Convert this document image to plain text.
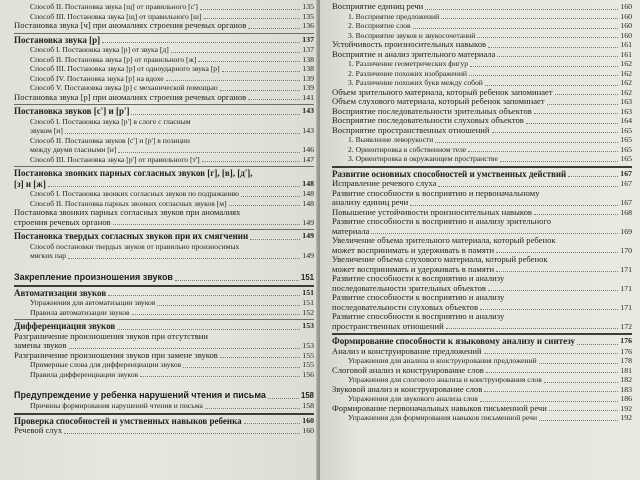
Способ II. Постановка звука [щ] от правильного [с']	135
Способ III. Постановка звука [щ] от правильного [ш]	135
Постановка звука [ч] при аномалиях строения речевых органов	136
Постановка звука [р]	137
Способ I. Постановка звука [р] от звука [д]	137
Способ II. Постановка звука [р] от правильного [ж]	138
Способ III. Постановка звука [р] от одноударного звука [р]	138
Способ IV. Постановка звука [р] на вдохе	139
Способ V. Постановка звука [р] с механической помощью	139
Постановка звука [р] при аномалиях строения речевых органов	141
Постановка звуков [с'] и [р']	143
Способ I. Постановка звука [р'] в слоге с гласным
звуком [и]	143
Способ II. Постановка звуков [с'] и [р'] в позиции
между двумя гласными [и]	146
Способ III. Постановка звука [р'] от правильного [т']	147
Постановка звонких парных согласных звуков [г], [в], [д'],
[з] и [ж]	148
Способ I. Постановка звонких согласных звуков по подражанию	148
Способ II. Постановка парных звонких согласных звуков [м]	148
Постановка звонких парных согласных звуков при аномалиях
строения речевых органов	149
Постановка твердых согласных звуков при их смягчении	149
Способ постановки твердых звуков от правильно произносимых
мягких пар	149
Закрепление произношения звуков	151
Автоматизация звуков	151
Упражнения для автоматизации звуков	151
Правила автоматизации звуков	152
Дифференциация звуков	153
Разграничение произношения звуков при отсутствии
замены звуков	153
Разграничение произношения звуков при замене звуков	155
Примерные слова для дифференциации звуков	155
Правила дифференциации звуков	156
Предупреждение у ребенка нарушений чтения и письма	158
Причины формирования нарушений чтения и письма	158
Проверка способностей и умственных навыков ребенка	160
Речевой слух	160
Восприятие единиц речи	160
1. Восприятие предложений	160
2. Восприятие слов	160
3. Восприятие звуков и звукосочетаний	160
Устойчивость произносительных навыков	161
Восприятие и анализ зрительного материала	161
1. Различение геометрических фигур	162
2. Различение похожих изображений	162
3. Различение похожих букв между собой	162
Объем зрительного материала, который ребенок запоминает	162
Объем слухового материала, который ребенок запоминает	163
Восприятие последовательности зрительных объектов	163
Восприятие последовательности слуховых объектов	164
Восприятие пространственных отношений	165
1. Выявление леворукости	165
2. Ориентировка в собственном теле	165
3. Ориентировка в окружающем пространстве	165
Развитие основных способностей и умственных действий	167
Исправление речевого слуха	167
Развитие способности к восприятию и первоначальному
анализу единиц речи	167
Повышение устойчивости произносительных навыков	168
Развитие способности к восприятию и анализу зрительного
материала	169
Увеличение объема зрительного материала, который ребенок
может воспринимать и удерживать в памяти	170
Увеличение объема слухового материала, который ребенок
может воспринимать и удерживать в памяти	171
Развитие способности к восприятию и анализу
последовательности зрительных объектов	171
Развитие способности к восприятию и анализу
последовательности слуховых объектов	171
Развитие способности к восприятию и анализу
пространственных отношений	172
Формирование способности к языковому анализу и синтезу	176
Анализ и конструирование предложений	176
Упражнения для анализа и конструирования предложений	178
Слоговой анализ и конструирование слов	181
Упражнения для слогового анализа и конструирования слов	182
Звуковой анализ и конструирование слов	183
Упражнения для звукового анализа слов	186
Формирование первоначальных навыков письменной речи	192
Упражнения для формирования навыков письменной речи	192
